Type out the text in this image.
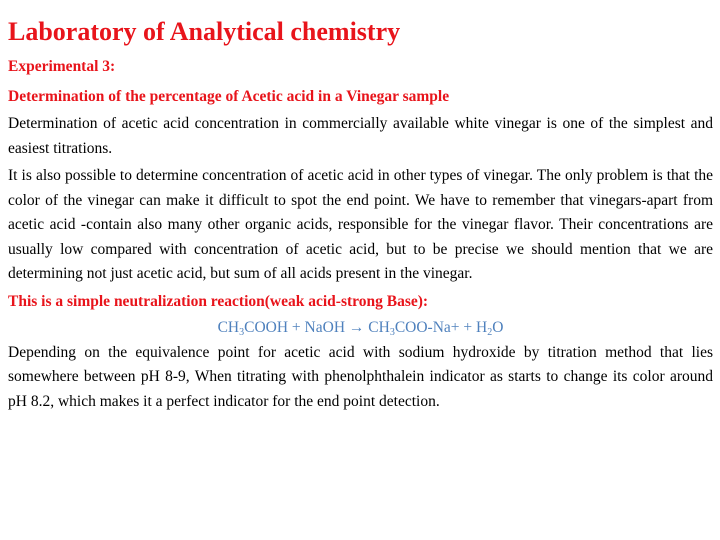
Laboratory of Analytical chemistry

Experimental 3:

Determination of the percentage of Acetic acid in a Vinegar sample

Determination of acetic acid concentration in commercially available white vinegar is one of the simplest and easiest titrations.

It is also possible to determine concentration of acetic acid in other types of vinegar. The only problem is that the color of the vinegar can make it difficult to spot the end point. We have to remember that vinegars-apart from acetic acid -contain also many other organic acids, responsible for the vinegar flavor. Their concentrations are usually low compared with concentration of acetic acid, but to be precise we should mention that we are determining not just acetic acid, but sum of all acids present in the vinegar.

This is a simple neutralization reaction(weak acid-strong Base):

$CH_3COOH$ + NaOH → $CH_3COO-Na+ + H_2O$

Depending on the equivalence point for acetic acid with sodium hydroxide by titration method that lies somewhere between pH 8-9, When titrating with phenolphthalein indicator as starts to change its color around pH 8.2, which makes it a perfect indicator for the end point detection.
